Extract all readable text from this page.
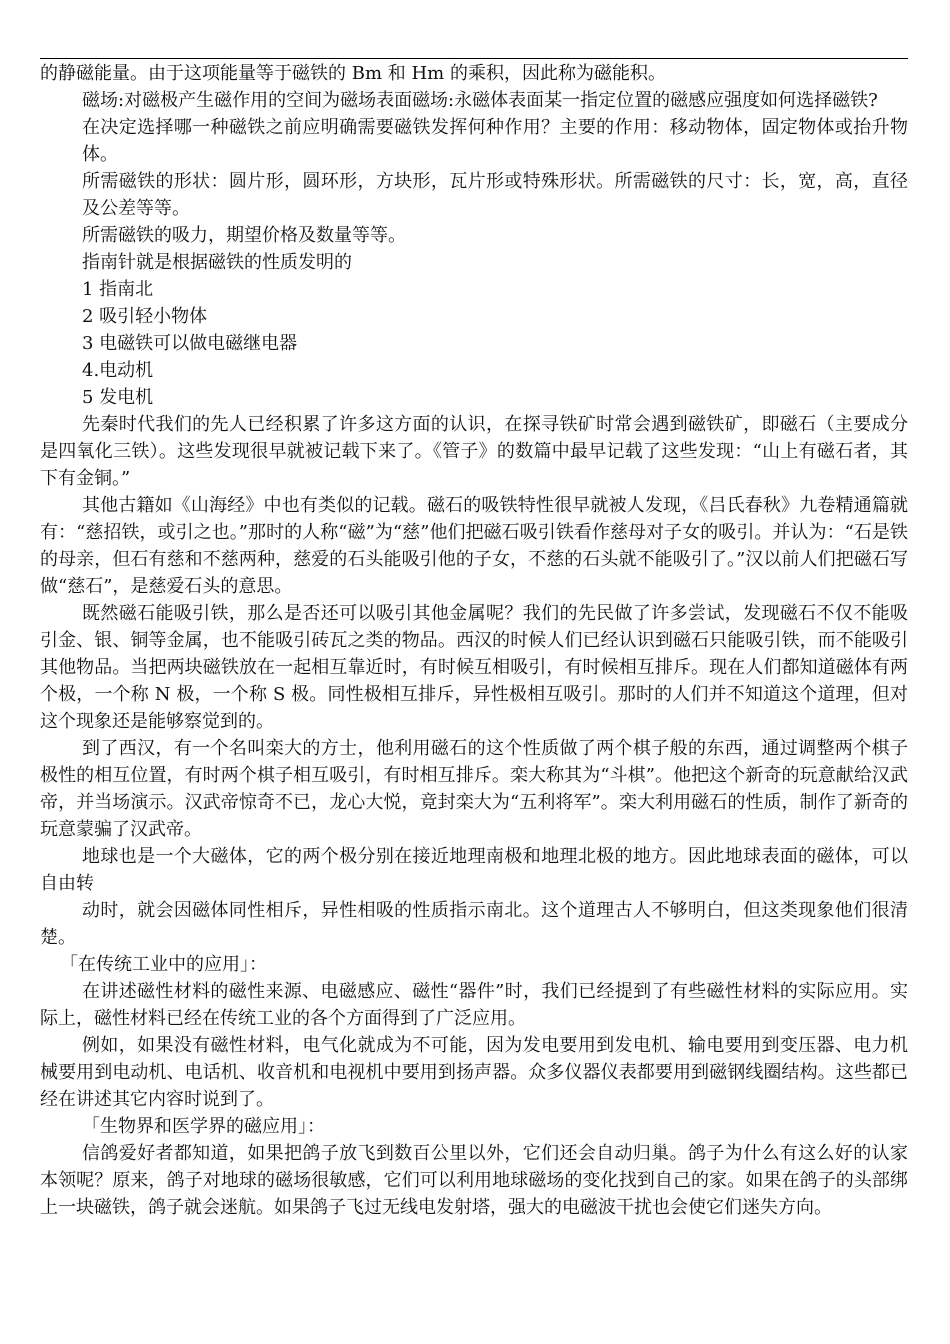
的静磁能量。由于这项能量等于磁铁的 Bm 和 Hm 的乘积，因此称为磁能积。

磁场:对磁极产生磁作用的空间为磁场表面磁场:永磁体表面某一指定位置的磁感应强度如何选择磁铁?

在决定选择哪一种磁铁之前应明确需要磁铁发挥何种作用？主要的作用：移动物体，固定物体或抬升物体。

所需磁铁的形状：圆片形，圆环形，方块形，瓦片形或特殊形状。所需磁铁的尺寸：长，宽，高，直径及公差等等。

所需磁铁的吸力，期望价格及数量等等。

指南针就是根据磁铁的性质发明的

1 指南北

2 吸引轻小物体

3 电磁铁可以做电磁继电器

4.电动机

5 发电机

先秦时代我们的先人已经积累了许多这方面的认识，在探寻铁矿时常会遇到磁铁矿，即磁石（主要成分是四氧化三铁）。这些发现很早就被记载下来了。《管子》的数篇中最早记载了这些发现：“山上有磁石者，其下有金铜。”

其他古籍如《山海经》中也有类似的记载。磁石的吸铁特性很早就被人发现，《吕氏春秋》九卷精通篇就有：“慈招铁，或引之也。”那时的人称“磁”为“慈”他们把磁石吸引铁看作慈母对子女的吸引。并认为：“石是铁的母亲，但石有慈和不慈两种，慈爱的石头能吸引他的子女，不慈的石头就不能吸引了。”汉以前人们把磁石写做“慈石”，是慈爱石头的意思。

既然磁石能吸引铁，那么是否还可以吸引其他金属呢？我们的先民做了许多尝试，发现磁石不仅不能吸引金、银、铜等金属，也不能吸引砖瓦之类的物品。西汉的时候人们已经认识到磁石只能吸引铁，而不能吸引其他物品。当把两块磁铁放在一起相互靠近时，有时候互相吸引，有时候相互排斥。现在人们都知道磁体有两个极，一个称 N 极，一个称 S 极。同性极相互排斥，异性极相互吸引。那时的人们并不知道这个道理，但对这个现象还是能够察觉到的。

到了西汉，有一个名叫栾大的方士，他利用磁石的这个性质做了两个棋子般的东西，通过调整两个棋子极性的相互位置，有时两个棋子相互吸引，有时相互排斥。栾大称其为“斗棋”。他把这个新奇的玩意献给汉武帝，并当场演示。汉武帝惊奇不已，龙心大悦，竟封栾大为“五利将军”。栾大利用磁石的性质，制作了新奇的玩意蒙骗了汉武帝。

地球也是一个大磁体，它的两个极分别在接近地理南极和地理北极的地方。因此地球表面的磁体，可以自由转

动时，就会因磁体同性相斥，异性相吸的性质指示南北。这个道理古人不够明白，但这类现象他们很清楚。

「在传统工业中的应用」：

在讲述磁性材料的磁性来源、电磁感应、磁性“器件”时，我们已经提到了有些磁性材料的实际应用。实际上，磁性材料已经在传统工业的各个方面得到了广泛应用。

例如，如果没有磁性材料，电气化就成为不可能，因为发电要用到发电机、输电要用到变压器、电力机械要用到电动机、电话机、收音机和电视机中要用到扬声器。众多仪器仪表都要用到磁钢线圈结构。这些都已经在讲述其它内容时说到了。

「生物界和医学界的磁应用」：

信鸽爱好者都知道，如果把鸽子放飞到数百公里以外，它们还会自动归巢。鸽子为什么有这么好的认家本领呢？原来，鸽子对地球的磁场很敏感，它们可以利用地球磁场的变化找到自己的家。如果在鸽子的头部绑上一块磁铁，鸽子就会迷航。如果鸽子飞过无线电发射塔，强大的电磁波干扰也会使它们迷失方向。
